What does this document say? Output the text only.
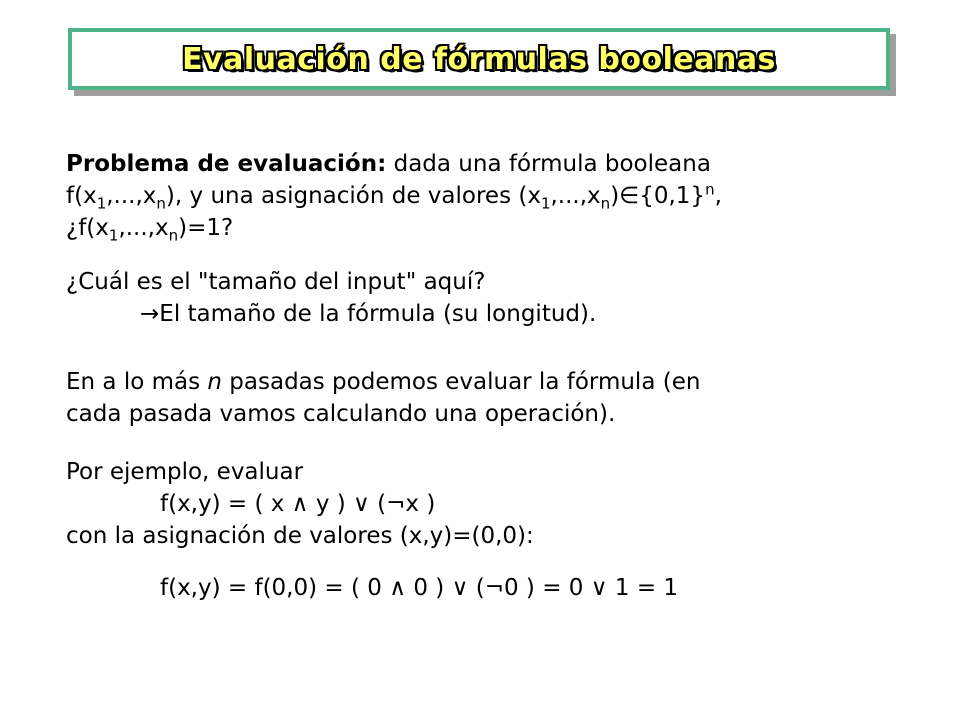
Evaluación de fórmulas booleanas
Problema de evaluación: dada una fórmula booleana
$f(x_1,...,x_n)$, y una asignación de valores $(x_1,...,x_n)\in\{0,1\}^n$,
¿$f(x_1,...,x_n)=1$?
¿Cuál es el "tamaño del input" aquí?
→El tamaño de la fórmula (su longitud).
En a lo más n pasadas podemos evaluar la fórmula (en
cada pasada vamos calculando una operación).
Por ejemplo, evaluar
f(x,y) = ( x ∧ y ) ∨ (¬x )
con la asignación de valores (x,y)=(0,0):
f(x,y) = f(0,0) = ( 0 ∧ 0 ) ∨ (¬0 ) = 0 ∨ 1 = 1
